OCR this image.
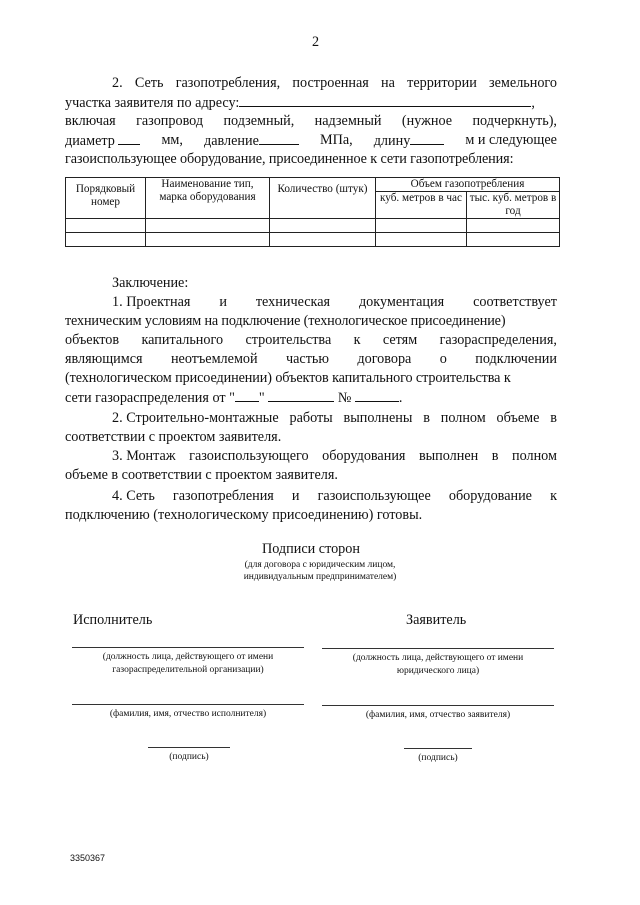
2
2. Сеть газопотребления, построенная на территории земельного
участка заявителя по адресу:	,
включая газопровод подземный, надземный (нужное подчеркнуть),
диаметр	мм, давление	МПа, длину	м и следующее
газоиспользующее оборудование, присоединенное к сети газопотребления:
Порядковый номер	Наименование тип, марка оборудования	Количество (штук)	Объем газопотребления	
			куб. метров в час	тыс. куб. метров в год

Заключение:
1. Проектная и техническая документация соответствует
техническим условиям на подключение (технологическое присоединение)
объектов капитального строительства к сетям газораспределения,
являющимся неотъемлемой частью договора о подключении
(технологическом присоединении) объектов капитального строительства к
сети газораспределения от " "	№	.
2. Строительно-монтажные работы выполнены в полном объеме в
соответствии с проектом заявителя.
3. Монтаж газоиспользующего оборудования выполнен в полном
объеме в соответствии с проектом заявителя.
4. Сеть газопотребления и газоиспользующее оборудование к
подключению (технологическому присоединению) готовы.
Подписи сторон
(для договора с юридическим лицом,
индивидуальным предпринимателем)
Исполнитель	Заявитель
(должность лица, действующего от имени
газораспределительной организации)
(должность лица, действующего от имени
юридического лица)
(фамилия, имя, отчество исполнителя)	(фамилия, имя, отчество заявителя)
(подпись)	(подпись)
3350367
